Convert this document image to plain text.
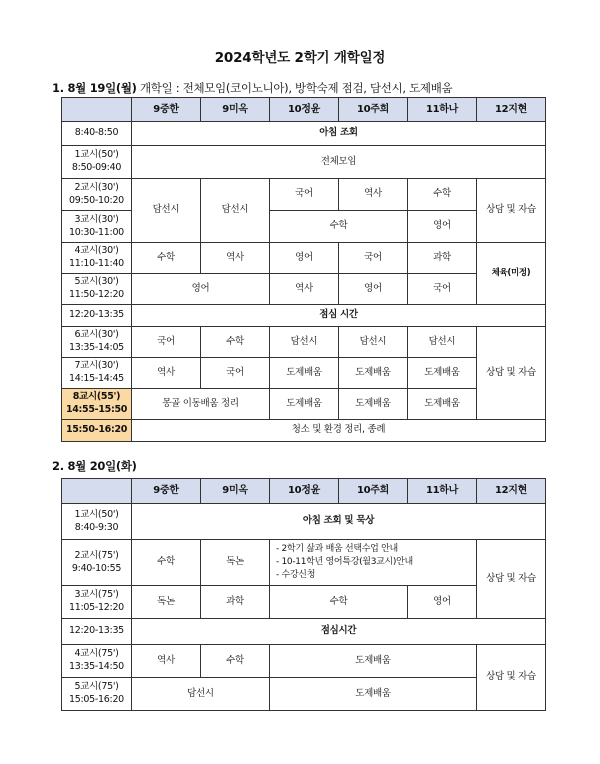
2024학년도 2학기 개학일정
1. 8월 19일(월) 개학일 : 전체모임(코이노니아), 방학숙제 점검, 담선시, 도제배움
	9중한	9미옥	10정윤	10주희	11하나	12지현
8:40-8:50	아침 조회					
1교시(50')
8:50-09:40	전체모임					
2교시(30')
09:50-10:20	담선시	담선시	국어	역사	수학	상담 및 자습
3교시(30')
10:30-11:00			수학		영어	
4교시(30')
11:10-11:40	수학	역사	영어	국어	과학	체육(미정)
5교시(30')
11:50-12:20	영어		역사	영어	국어	
12:20-13:35	점심 시간					
6교시(30')
13:35-14:05	국어	수학	담선시	담선시	담선시	상담 및 자습
7교시(30')
14:15-14:45	역사	국어	도제배움	도제배움	도제배움	
8교시(55')
14:55-15:50	몽골 이동배움 정리		도제배움	도제배움	도제배움	
15:50-16:20	청소 및 환경 정리, 종례					
2. 8월 20일(화)
	9중한	9미옥	10정윤	10주희	11하나	12지현
1교시(50')
8:40-9:30	아침 조회 및 묵상					
2교시(75')
9:40-10:55	수학	독논	- 2학기 삶과 배움 선택수업 안내
- 10-11학년 영어특강(월3교시)안내
- 수강신청			상담 및 자습
3교시(75')
11:05-12:20	독논	과학	수학		영어	
12:20-13:35	점심시간					
4교시(75')
13:35-14:50	역사	수학	도제배움			상담 및 자습
5교시(75')
15:05-16:20	담선시		도제배움			
